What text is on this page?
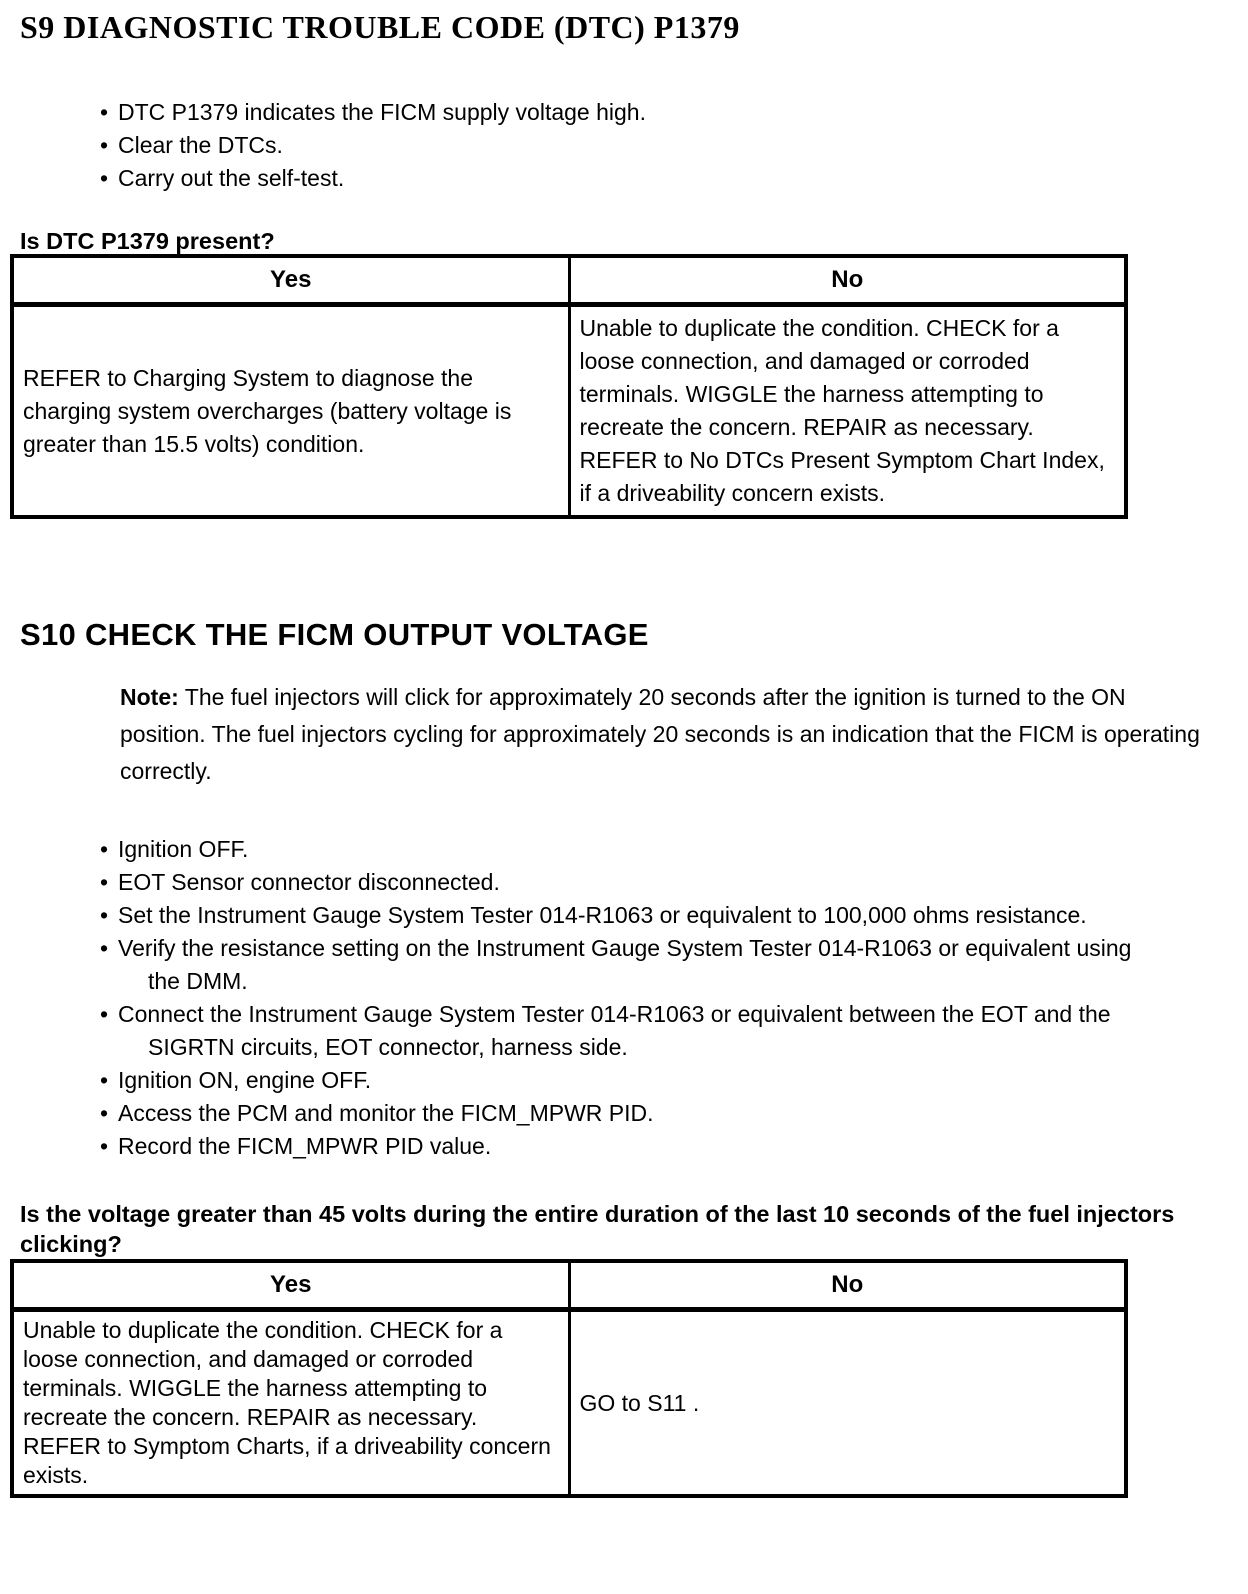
S9 DIAGNOSTIC TROUBLE CODE (DTC) P1379
• DTC P1379 indicates the FICM supply voltage high.
• Clear the DTCs.
• Carry out the self-test.

Is DTC P1379 present?

Yes	No
REFER to Charging System to diagnose the charging system overcharges (battery voltage is greater than 15.5 volts) condition.	Unable to duplicate the condition. CHECK for a loose connection, and damaged or corroded terminals. WIGGLE the harness attempting to recreate the concern. REPAIR as necessary. REFER to No DTCs Present Symptom Chart Index, if a driveability concern exists.
S10 CHECK THE FICM OUTPUT VOLTAGE

Note: The fuel injectors will click for approximately 20 seconds after the ignition is turned to the ON position. The fuel injectors cycling for approximately 20 seconds is an indication that the FICM is operating correctly.

• Ignition OFF.
• EOT Sensor connector disconnected.
• Set the Instrument Gauge System Tester 014-R1063 or equivalent to 100,000 ohms resistance.
• Verify the resistance setting on the Instrument Gauge System Tester 014-R1063 or equivalent using the DMM.
• Connect the Instrument Gauge System Tester 014-R1063 or equivalent between the EOT and the SIGRTN circuits, EOT connector, harness side.
• Ignition ON, engine OFF.
• Access the PCM and monitor the FICM_MPWR PID.
• Record the FICM_MPWR PID value.

Is the voltage greater than 45 volts during the entire duration of the last 10 seconds of the fuel injectors clicking?

Yes	No
Unable to duplicate the condition. CHECK for a loose connection, and damaged or corroded terminals. WIGGLE the harness attempting to recreate the concern. REPAIR as necessary. REFER to Symptom Charts, if a driveability concern exists.	GO to S11 .
